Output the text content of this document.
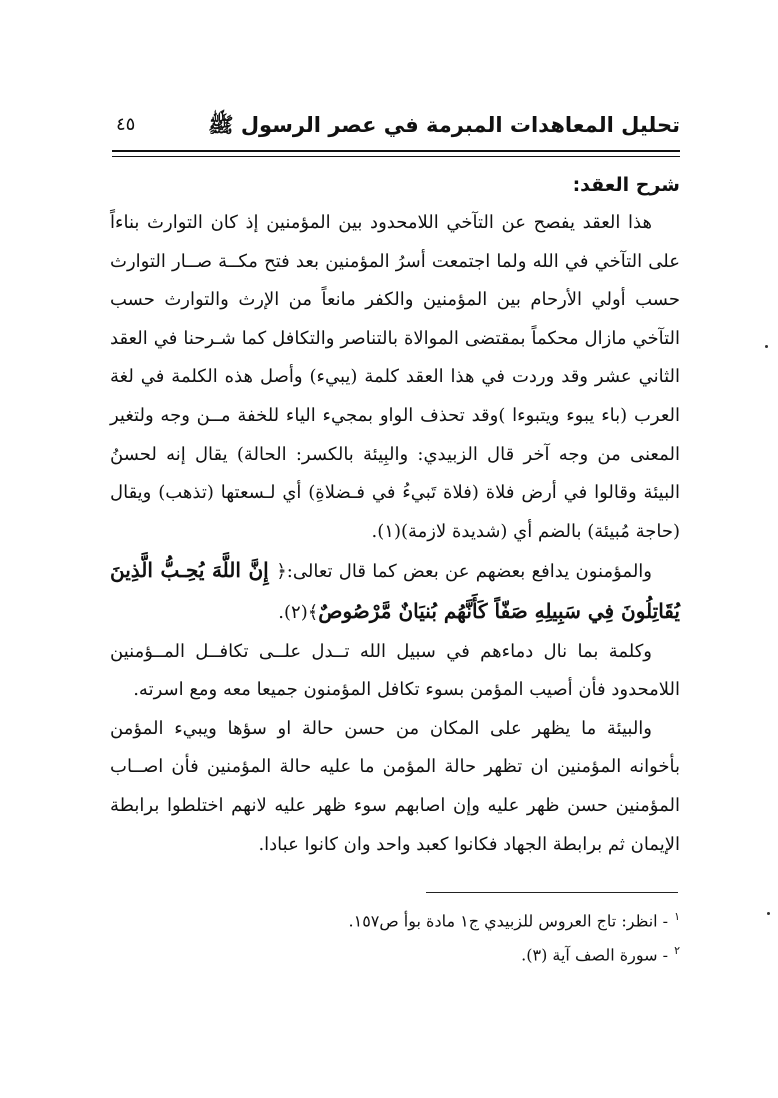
تحليل المعاهدات المبرمة في عصر الرسول ﷺ
٤٥

شرح العقد:

هذا العقد يفصح عن التآخي اللامحدود بين المؤمنين إذ كان التوارث بناءاً على التآخي في الله ولما اجتمعت أسرُ المؤمنين بعد فتح مكــة صــار التوارث حسب أولي الأرحام بين المؤمنين والكفر مانعاً من الإرث والتوارث حسب التآخي مازال محكماً بمقتضى الموالاة بالتناصر والتكافل كما شـرحنا في العقد الثاني عشر وقد وردت في هذا العقد كلمة (يبيء) وأصل هذه الكلمة في لغة العرب (باء يبوء ويتبوءا )وقد تحذف الواو بمجيء الياء للخفة مــن وجه ولتغير المعنى من وجه آخر قال الزبيدي: والبِيئة بالكسر: الحالة) يقال إنه لحسنُ البيئة وقالوا في أرض فلاة (فلاة تَبيءُ في فـضلاةِ) أي لـسعتها (تذهب) ويقال (حاجة مُبيئة) بالضم أي (شديدة لازمة)(١).

والمؤمنون يدافع بعضهم عن بعض كما قال تعالى:﴿ إِنَّ اللَّهَ يُحِـبُّ الَّذِينَ يُقَاتِلُونَ فِي سَبِيلِهِ صَفّاً كَأَنَّهُم بُنيَانٌ مَّرْصُوصٌ﴾(٢).

وكلمة بما نال دماءهم في سبيل الله تــدل علــى تكافــل المــؤمنين اللامحدود فأن أصيب المؤمن بسوء تكافل المؤمنون جميعا معه ومع اسرته.

والبيئة ما يظهر على المكان من حسن حالة او سؤها ويبيء المؤمن بأخوانه المؤمنين ان تظهر حالة المؤمن ما عليه حالة المؤمنين فأن اصــاب المؤمنين حسن ظهر عليه وإن اصابهم سوء ظهر عليه لانهم اختلطوا برابطة الإيمان ثم برابطة الجهاد فكانوا كعبد واحد وان كانوا عبادا.

$^١$- انظر: تاج العروس للزبيدي ج١ مادة بوأ ص١٥٧.

$^٢$- سورة الصف آية (٣).
